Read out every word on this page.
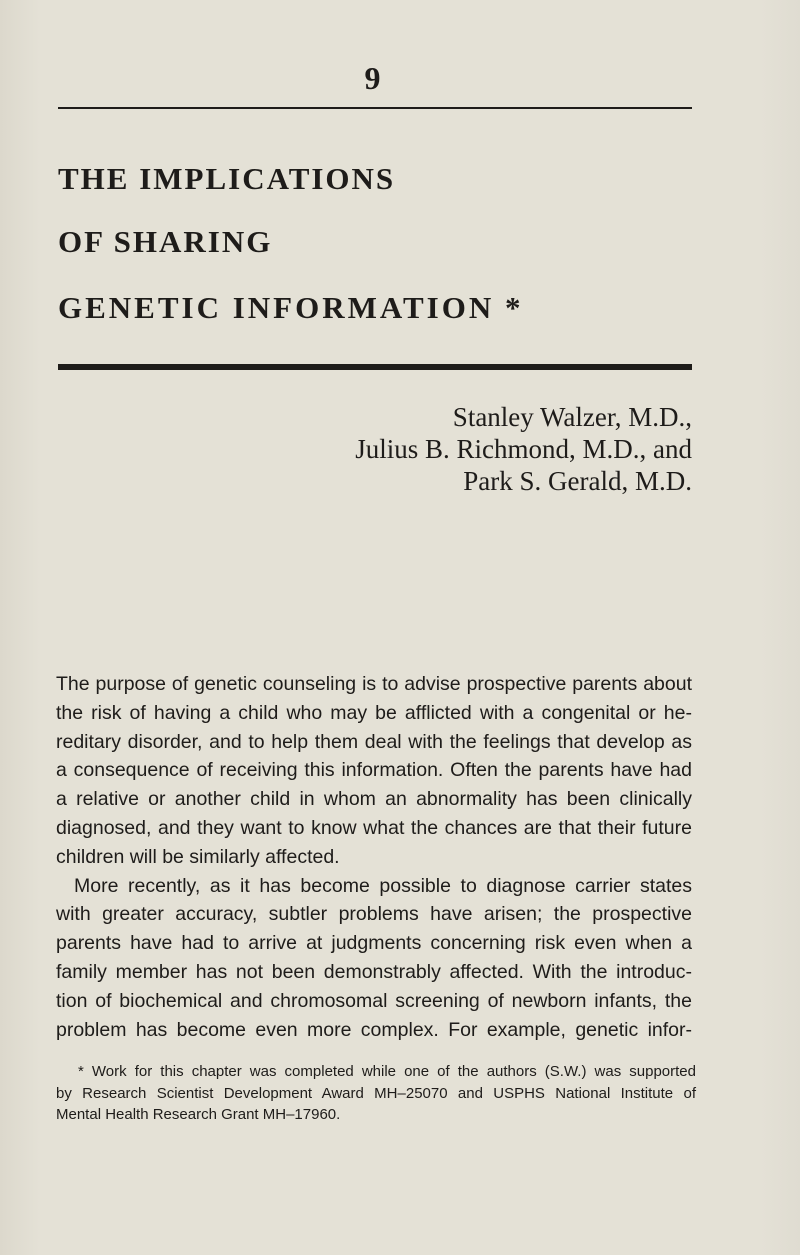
9
THE IMPLICATIONS
OF SHARING
GENETIC INFORMATION *
Stanley Walzer, M.D.,
Julius B. Richmond, M.D., and
Park S. Gerald, M.D.
The purpose of genetic counseling is to advise prospective parents about
the risk of having a child who may be afflicted with a congenital or he-
reditary disorder, and to help them deal with the feelings that develop as
a consequence of receiving this information. Often the parents have had
a relative or another child in whom an abnormality has been clinically
diagnosed, and they want to know what the chances are that their future
children will be similarly affected.
More recently, as it has become possible to diagnose carrier states
with greater accuracy, subtler problems have arisen; the prospective
parents have had to arrive at judgments concerning risk even when a
family member has not been demonstrably affected. With the introduc-
tion of biochemical and chromosomal screening of newborn infants, the
problem has become even more complex. For example, genetic infor-
* Work for this chapter was completed while one of the authors (S.W.) was supported
by Research Scientist Development Award MH–25070 and USPHS National Institute of
Mental Health Research Grant MH–17960.
